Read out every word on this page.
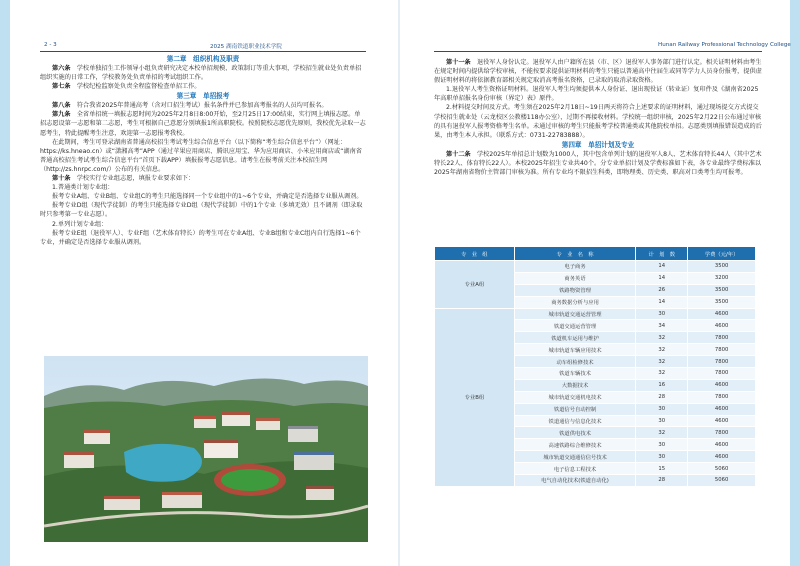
2 - 3	2025 湖南铁道职业技术学院

第二章　组织机构及职责

第六条　 学校单独招生工作领导小组负责研究决定本校单招规模、政策制订等重大事项，学校招生就业处负责单招组织实施的日常工作，学校教务处负责单招的考试组织工作。

第七条　 学校纪检监察处负责全程监督检查单招工作。

第三章　单招报考

第八条　 符合我省2025年普通高考（含对口招生考试）报名条件并已参加高考报名的人员均可报名。

第九条　 全省单招统一填报志愿时间为2025年2月8日8:00开始，至2月25日17:00结束，实行网上填报志愿。单招志愿设第一志愿和第二志愿，考生可根据自己意愿分别填报1所高职院校。按照院校志愿优先原则，我校优先录取一志愿考生，特此提醒考生注意，欢迎第一志愿报考我校。

在此期间，考生可登录湖南省普通高校招生考试考生综合信息平台（以下简称“考生综合信息平台”）（网址：https://ks.hneao.cn）或“潇湘高考”APP（通过苹果应用商店、腾讯应用宝、华为应用商店、小米应用商店或“湖南省普通高校招生考试考生综合信息平台”首页下载APP）填报报考志愿信息。请考生在报考前关注本校招生网（http://zs.hnrpc.com/）公布的有关信息。

第十条　 学校实行专业组志愿，填报专业要求如下：

1.普通类计划专业组：

报考专业A组、专业B组、专业组C的考生只能选择同一个专业组中的1~6个专业，并确定是否选择专业服从调剂。

报考专业D组（现代学徒制）的考生只能选择专业D组（现代学徒制）中的1个专业（多填无效）且不调剂（即录取时只参考第一专业志愿）。

2.单列计划专业组：

报考专业E组（退役军人）、专业F组（艺术体育特长）的考生可在专业A组、专业B组和专业C组内自行选择1~6个专业，并确定是否选择专业服从调剂。

Hunan Railway Professional Technology College

第十一条　 退役军人身份认定。退役军人由户籍所在县（市、区）退役军人事务部门进行认定。相关证明材料由考生在规定时间内提供给学校审核，不能按要求提供证明材料的考生只能以普通高中往届生或同等学力人员身份报考，提供虚假证明材料的将依据教育部相关规定取消高考报名资格，已录取的取消录取资格。

1.退役军人考生资格证明材料。退役军人考生均须提供本人身份证、退出现役证（转业证）复印件及《湖南省2025年高职单招报名身份审核（界定）表》原件。

2.材料提交时间及方式。考生须在2025年2月18日~19日两天将符合上述要求的证明材料，通过现场提交方式提交学校招生就业处（云龙校区公教楼118办公室），过期不再接收材料。学校统一组织审核，2025年2月22日公布通过审核的具有退役军人报考资格考生名单。未通过审核的考生只能报考学校普通类或其他院校单招。志愿类别填报错误造成的后果，由考生本人承担。（联系方式：0731-22783888）。

第四章　单招计划及专业

第十二条　 学校2025年单招总计划数为1000人，其中包含单列计划的退役军人8人、艺术体育特长44人（其中艺术特长22人、体育特长22人）。本校2025年招生专业共40个。分专业单招计划及学费标准如下表，各专业最终学费标准以2025年湖南省物价主管部门审核为准。所有专业均不限招生科类，即物理类、历史类、职高对口类考生均可报考。

专　业　组	专　业　名　称	计　划　数	学费（元/年）
专业A组	电子商务	14	3500
	商务英语	14	3200
	铁路物资管理	26	3500
	商务数据分析与应用	14	3500
专业B组	城市轨道交通运营管理	30	4600
	铁道交通运营管理	34	4600
	铁道机车运用与维护	32	7800
	城市轨道车辆应用技术	32	7800
	动车组检修技术	32	7800
	铁道车辆技术	32	7800
	大数据技术	16	4600
	城市轨道交通机电技术	28	7800
	铁道信号自动控制	30	4600
	铁道通信与信息化技术	30	4600
	铁道供电技术	32	7800
	高速铁路综合维修技术	30	4600
	城市轨道交通通信信号技术	30	4600
	电子信息工程技术	15	5060
	电气自动化技术(铁道自动化)	28	5060
